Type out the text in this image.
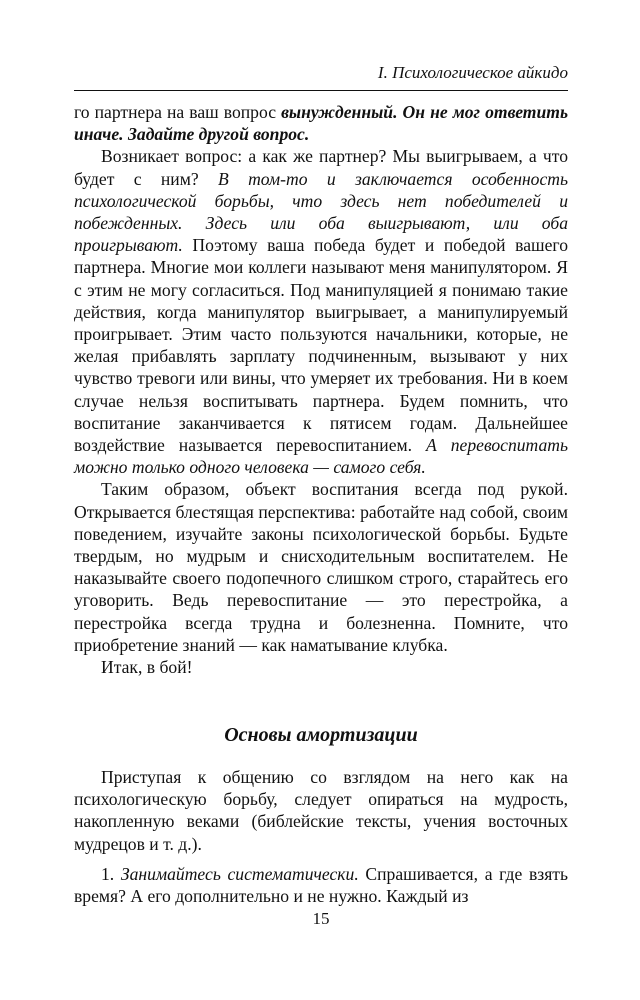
I. Психологическое айкидо

го партнера на ваш вопрос вынужденный. Он не мог ответить иначе. Задайте другой вопрос.

Возникает вопрос: а как же партнер? Мы выигрываем, а что будет с ним? В том-то и заключается особенность психологической борьбы, что здесь нет победителей и побежденных. Здесь или оба выигрывают, или оба проигрывают. Поэтому ваша победа будет и победой вашего партнера. Многие мои коллеги называют меня манипулятором. Я с этим не могу согласиться. Под манипуляцией я понимаю такие действия, когда манипулятор выигрывает, а манипулируемый проигрывает. Этим часто пользуются начальники, которые, не желая прибавлять зарплату подчиненным, вызывают у них чувство тревоги или вины, что умеряет их требования. Ни в коем случае нельзя воспитывать партнера. Будем помнить, что воспитание заканчивается к пятисем годам. Дальнейшее воздействие называется перевоспитанием. А перевоспитать можно только одного человека — самого себя.

Таким образом, объект воспитания всегда под рукой. Открывается блестящая перспектива: работайте над собой, своим поведением, изучайте законы психологической борьбы. Будьте твердым, но мудрым и снисходительным воспитателем. Не наказывайте своего подопечного слишком строго, старайтесь его уговорить. Ведь перевоспитание — это перестройка, а перестройка всегда трудна и болезненна. Помните, что приобретение знаний — как наматывание клубка.

Итак, в бой!

Основы амортизации

Приступая к общению со взглядом на него как на психологическую борьбу, следует опираться на мудрость, накопленную веками (библейские тексты, учения восточных мудрецов и т. д.).

1. Занимайтесь систематически. Спрашивается, а где взять время? А его дополнительно и не нужно. Каждый из

15
